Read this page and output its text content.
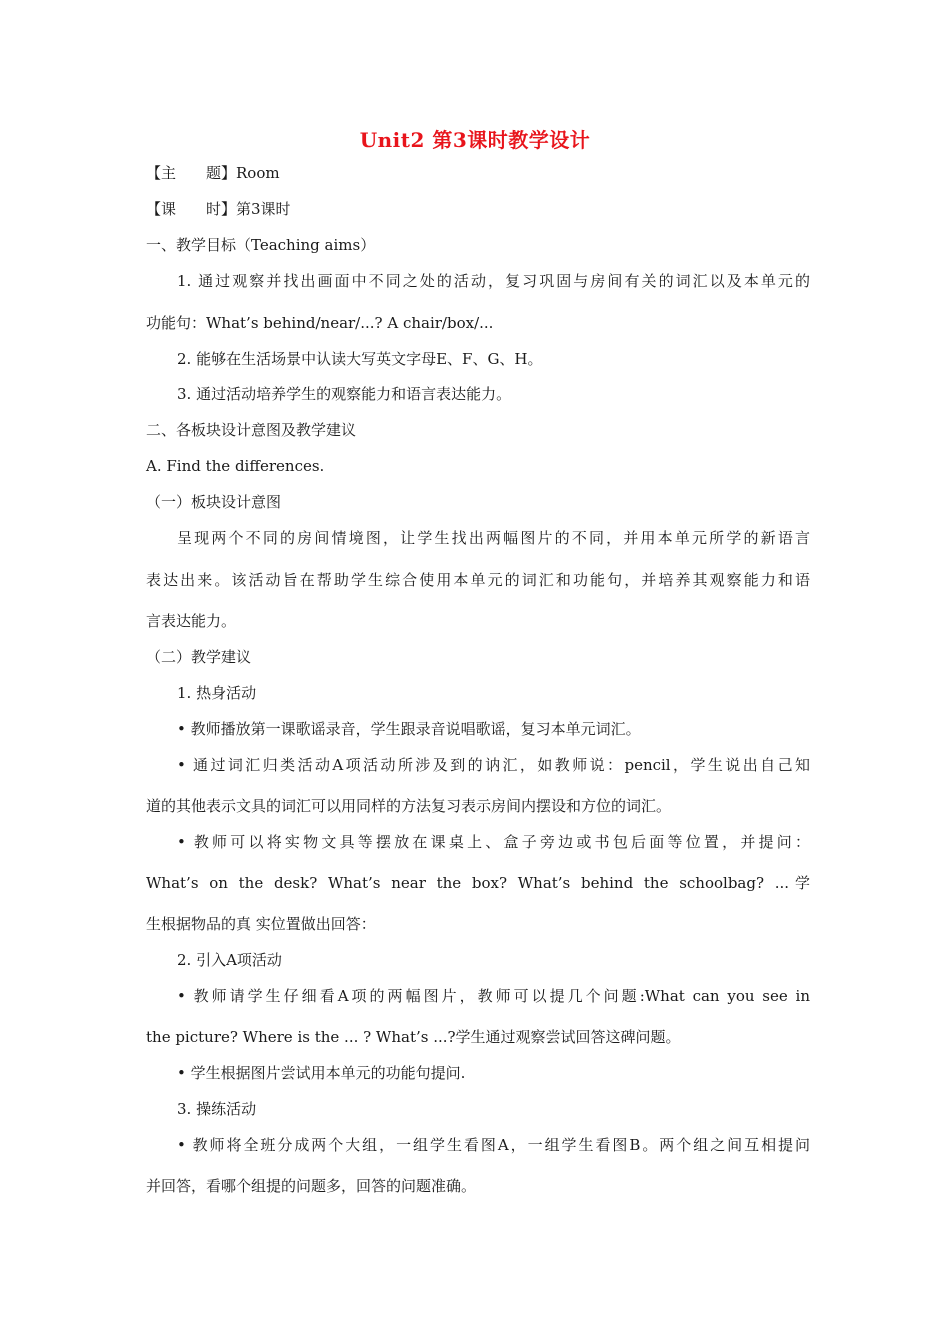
Unit2 第3课时教学设计
【主 题】Room
【课 时】第3课时
一、教学目标（Teaching aims）
1. 通过观察并找出画面中不同之处的活动，复习巩固与房间有关的词汇以及本单元的
功能句：What’s behind/near/...? A chair/box/...
2. 能够在生活场景中认读大写英文字母E、F、G、H。
3. 通过活动培养学生的观察能力和语言表达能力。
二、各板块设计意图及教学建议
A. Find the differences.
（一）板块设计意图
呈现两个不同的房间情境图，让学生找出两幅图片的不同，并用本单元所学的新语言
表达出来。该活动旨在帮助学生综合使用本单元的词汇和功能句，并培养其观察能力和语
言表达能力。
（二）教学建议
1. 热身活动
• 教师播放第一课歌谣录音，学生跟录音说唱歌谣，复习本单元词汇。
• 通过词汇归类活动A项活动所涉及到的讷汇，如教师说：pencil，学生说出自己知
道的其他表示文具的词汇可以用同样的方法复习表示房间内摆设和方位的词汇。
• 教师可以将实物文具等摆放在课桌上、盒子旁边或书包后面等位置，并提问：
What’s on the desk? What’s near the box? What’s behind the schoolbag? ...学
生根据物品的真 实位置做出回答：
2. 引入A项活动
• 教师请学生仔细看A项的两幅图片，教师可以提几个问题:What can you see in
the picture? Where is the ... ? What’s ...?学生通过观察尝试回答这碑问题。
• 学生根据图片尝试用本单元的功能句提问.
3. 操练活动
• 教师将全班分成两个大组，一组学生看图A，一组学生看图B。两个组之间互相提问
并回答，看哪个组提的问题多，回答的问题准确。
